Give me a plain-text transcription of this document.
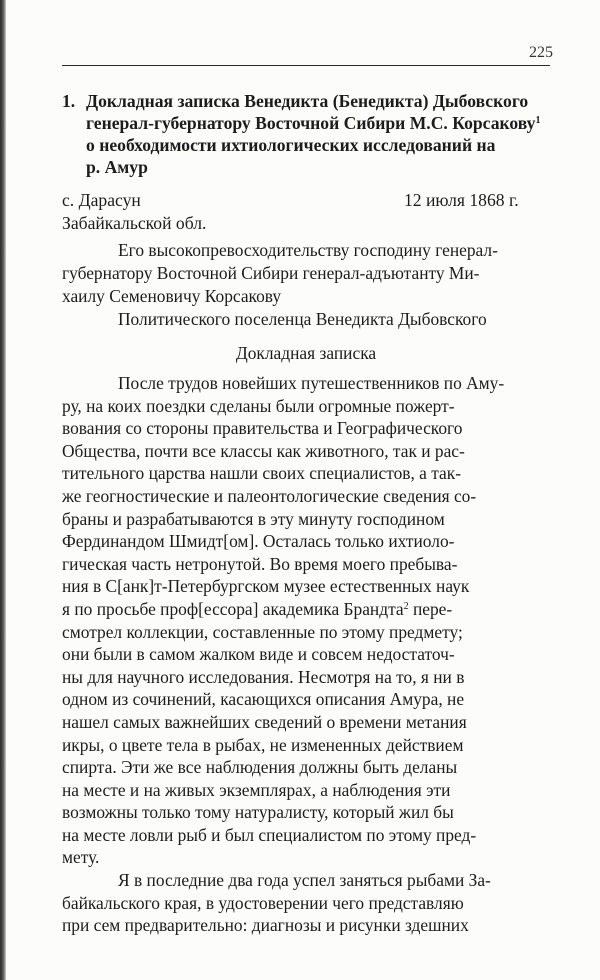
225
1. Докладная записка Венедикта (Бенедикта) Дыбовского
генерал-губернатору Восточной Сибири М.С. Корсакову$^1$
о необходимости ихтиологических исследований на
р. Амур
с. Дарасун
Забайкальской обл.
12 июля 1868 г.
Его высокопревосходительству господину генерал-
губернатору Восточной Сибири генерал-адъютанту Ми-
хаилу Семеновичу Корсакову
Политического поселенца Венедикта Дыбовского
Докладная записка
После трудов новейших путешественников по Аму-
ру, на коих поездки сделаны были огромные пожерт-
вования со стороны правительства и Географического
Общества, почти все классы как животного, так и рас-
тительного царства нашли своих специалистов, а так-
же геогностические и палеонтологические сведения со-
браны и разрабатываются в эту минуту господином
Фердинандом Шмидт[ом]. Осталась только ихтиоло-
гическая часть нетронутой. Во время моего пребыва-
ния в С[анк]т-Петербургском музее естественных наук
я по просьбе проф[ессора] академика Брандта$^2$ пере-
смотрел коллекции, составленные по этому предмету;
они были в самом жалком виде и совсем недостаточ-
ны для научного исследования. Несмотря на то, я ни в
одном из сочинений, касающихся описания Амура, не
нашел самых важнейших сведений о времени метания
икры, о цвете тела в рыбах, не измененных действием
спирта. Эти же все наблюдения должны быть деланы
на месте и на живых экземплярах, а наблюдения эти
возможны только тому натуралисту, который жил бы
на месте ловли рыб и был специалистом по этому пред-
мету.
Я в последние два года успел заняться рыбами За-
байкальского края, в удостоверении чего представляю
при сем предварительно: диагнозы и рисунки здешних
